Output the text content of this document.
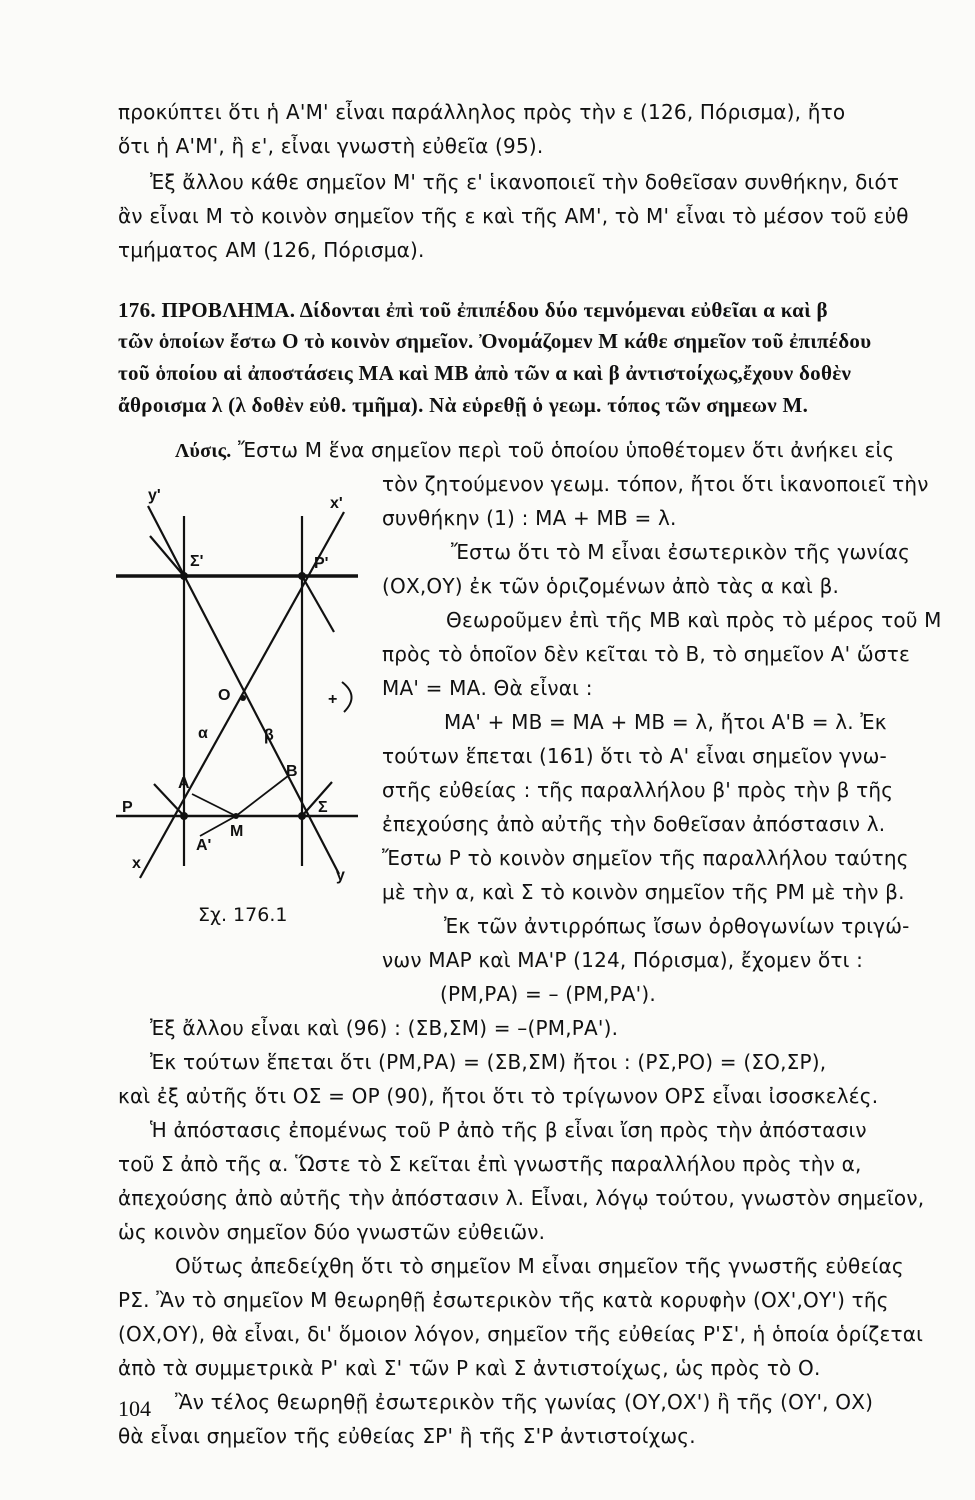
προκύπτει ὅτι ἡ Α'Μ' εἶναι παράλληλος πρὸς τὴν ε (126, Πόρισμα), ἤτο
ὅτι ἡ Α'Μ', ἢ ε', εἶναι γνωστὴ εὐθεῖα (95).
Ἐξ ἄλλου κάθε σημεῖον Μ' τῆς ε' ἱκανοποιεῖ τὴν δοθεῖσαν συνθήκην, διότ
ἂν εἶναι Μ τὸ κοινὸν σημεῖον τῆς ε καὶ τῆς ΑΜ', τὸ Μ' εἶναι τὸ μέσον τοῦ εὐθ
τμήματος ΑΜ (126, Πόρισμα).
176. ΠΡΟΒΛΗΜΑ. Δίδονται ἐπὶ τοῦ ἐπιπέδου δύο τεμνόμεναι εὐθεῖαι α καὶ β
τῶν ὁποίων ἔστω Ο τὸ κοινὸν σημεῖον. Ὀνομάζομεν Μ κάθε σημεῖον τοῦ ἐπιπέδου
τοῦ ὁποίου αἱ ἀποστάσεις ΜΑ καὶ ΜΒ ἀπὸ τῶν α καὶ β ἀντιστοίχως,ἔχουν δοθὲν
ἄθροισμα λ (λ δοθὲν εὐθ. τμῆμα). Νὰ εὑρεθῇ ὁ γεωμ. τόπος τῶν σημεων Μ.
Λύσις. Ἔστω Μ ἕνα σημεῖον περὶ τοῦ ὁποίου ὑποθέτομεν ὅτι ἀνήκει εἰς
τὸν ζητούμενον γεωμ. τόπον, ἤτοι ὅτι ἱκανοποιεῖ τὴν
συνθήκην (1) : ΜΑ + ΜΒ = λ.
Ἔστω ὅτι τὸ Μ εἶναι ἐσωτερικὸν τῆς γωνίας
(ΟΧ,ΟΥ) ἐκ τῶν ὁριζομένων ἀπὸ τὰς α καὶ β.
Θεωροῦμεν ἐπὶ τῆς ΜΒ καὶ πρὸς τὸ μέρος τοῦ Μ
πρὸς τὸ ὁποῖον δὲν κεῖται τὸ Β, τὸ σημεῖον Α' ὥστε
ΜΑ' = ΜΑ. Θὰ εἶναι :
ΜΑ' + ΜΒ = ΜΑ + ΜΒ = λ, ἤτοι Α'Β = λ. Ἐκ
τούτων ἕπεται (161) ὅτι τὸ Α' εἶναι σημεῖον γνω-
στῆς εὐθείας : τῆς παραλλήλου β' πρὸς τὴν β τῆς
ἐπεχούσης ἀπὸ αὐτῆς τὴν δοθεῖσαν ἀπόστασιν λ.
Ἔστω Ρ τὸ κοινὸν σημεῖον τῆς παραλλήλου ταύτης
μὲ τὴν α, καὶ Σ τὸ κοινὸν σημεῖον τῆς ΡΜ μὲ τὴν β.
Ἐκ τῶν ἀντιρρόπως ἴσων ὀρθογωνίων τριγώ-
νων ΜΑΡ καὶ ΜΑ'Ρ (124, Πόρισμα), ἔχομεν ὅτι :
(ΡΜ,ΡΑ) = – (ΡΜ,ΡΑ').
Ἐξ ἄλλου εἶναι καὶ (96) : (ΣΒ,ΣΜ) = –(ΡΜ,ΡΑ').
Ἐκ τούτων ἕπεται ὅτι (ΡΜ,ΡΑ) = (ΣΒ,ΣΜ) ἤτοι : (ΡΣ,ΡΟ) = (ΣΟ,ΣΡ),
καὶ ἐξ αὐτῆς ὅτι ΟΣ = ΟΡ (90), ἤτοι ὅτι τὸ τρίγωνον ΟΡΣ εἶναι ἰσοσκελές.
Ἡ ἀπόστασις ἐπομένως τοῦ Ρ ἀπὸ τῆς β εἶναι ἴση πρὸς τὴν ἀπόστασιν
τοῦ Σ ἀπὸ τῆς α. Ὥστε τὸ Σ κεῖται ἐπὶ γνωστῆς παραλλήλου πρὸς τὴν α,
ἀπεχούσης ἀπὸ αὐτῆς τὴν ἀπόστασιν λ. Εἶναι, λόγῳ τούτου, γνωστὸν σημεῖον,
ὡς κοινὸν σημεῖον δύο γνωστῶν εὐθειῶν.
Οὕτως ἀπεδείχθη ὅτι τὸ σημεῖον Μ εἶναι σημεῖον τῆς γνωστῆς εὐθείας
ΡΣ. Ἂν τὸ σημεῖον Μ θεωρηθῇ ἐσωτερικὸν τῆς κατὰ κορυφὴν (ΟΧ',ΟΥ') τῆς
(ΟΧ,ΟΥ), θὰ εἶναι, δι' ὅμοιον λόγον, σημεῖον τῆς εὐθείας Ρ'Σ', ἡ ὁποία ὁρίζεται
ἀπὸ τὰ συμμετρικὰ Ρ' καὶ Σ' τῶν Ρ καὶ Σ ἀντιστοίχως, ὡς πρὸς τὸ Ο.
Ἂν τέλος θεωρηθῇ ἐσωτερικὸν τῆς γωνίας (ΟΥ,ΟΧ') ἢ τῆς (ΟΥ', ΟΧ)
θὰ εἶναι σημεῖον τῆς εὐθείας ΣΡ' ἢ τῆς Σ'Ρ ἀντιστοίχως.
y'	x'
Σ'	P'
O
α	β
A
B
P	Σ
M
A'
x
y
+
Σχ. 176.1
104
